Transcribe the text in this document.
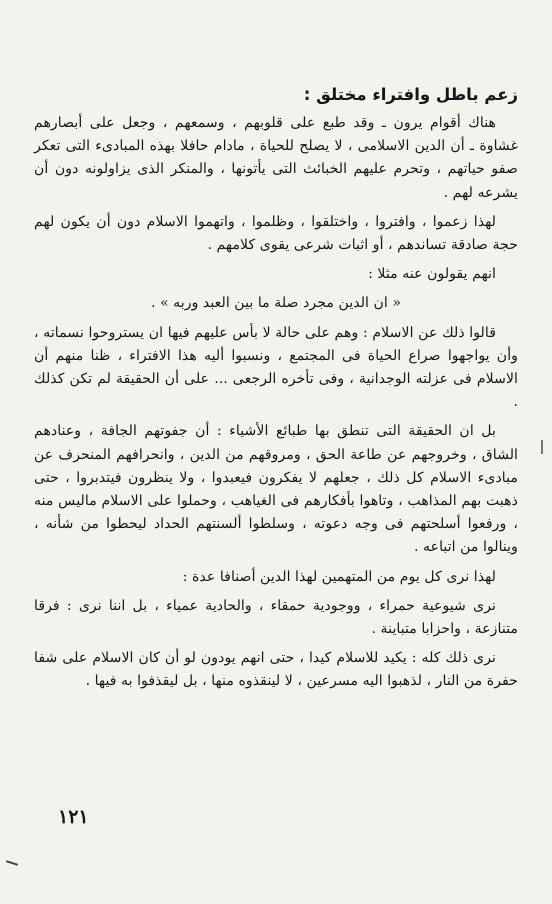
زعم باطل وافتراء مختلق :

هناك أقوام يرون ـ وقد طبع على قلوبهم ، وسمعهم ، وجعل على أبصارهم غشاوة ـ أن الدين الاسلامى ، لا يصلح للحياة ، مادام حافلا بهذه المبادىء التى تعكر صفو حياتهم ، وتحرم عليهم الخبائث التى يأتونها ، والمنكر الذى يزاولونه دون أن يشرعه لهم .

لهذا زعموا ، وافتروا ، واختلقوا ، وظلموا ، واتهموا الاسلام دون أن يكون لهم حجة صادقة تساندهم ، أو اثبات شرعى يقوى كلامهم .

انهم يقولون عنه مثلا :

« ان الدين مجرد صلة ما بين العبد وربه » .

قالوا ذلك عن الاسلام : وهم على حالة لا بأس عليهم فيها ان يستروحوا نسماته ، وأن يواجهوا صراع الحياة فى المجتمع ، ونسبوا أليه هذا الافتراء ، ظنا منهم أن الاسلام فى عزلته الوجدانية ، وفى تأخره الرجعى ... على أن الحقيقة لم تكن كذلك .

بل ان الحقيقة التى تنطق بها طبائع الأشياء : أن جفوتهم الجافة ، وعنادهم الشاق ، وخروجهم عن طاعة الحق ، ومروقهم من الدين ، وانحرافهم المنحرف عن مبادىء الاسلام كل ذلك ، جعلهم لا يفكرون فيعبدوا ، ولا ينظرون فيتدبروا ، حتى ذهبت بهم المذاهب ، وتاهوا بأفكارهم فى الغياهب ، وحملوا على الاسلام ماليس منه ، ورفعوا أسلحتهم فى وجه دعوته ، وسلطوا ألسنتهم الحداد ليحطوا من شأنه ، وينالوا من اتباعه .

لهذا نرى كل يوم من المتهمين لهذا الدين أصنافا عدة :

نرى شيوعية حمراء ، ووجودية حمقاء ، والحادية عمياء ، بل اننا نرى : فرقا متنازعة ، واحزابا متباينة .

نرى ذلك كله : يكيد للاسلام كيدا ، حتى انهم يودون لو أن كان الاسلام على شفا حفرة من النار ، لذهبوا اليه مسرعين ، لا لينقذوه منها ، بل ليقذفوا به فيها .

١٢١
